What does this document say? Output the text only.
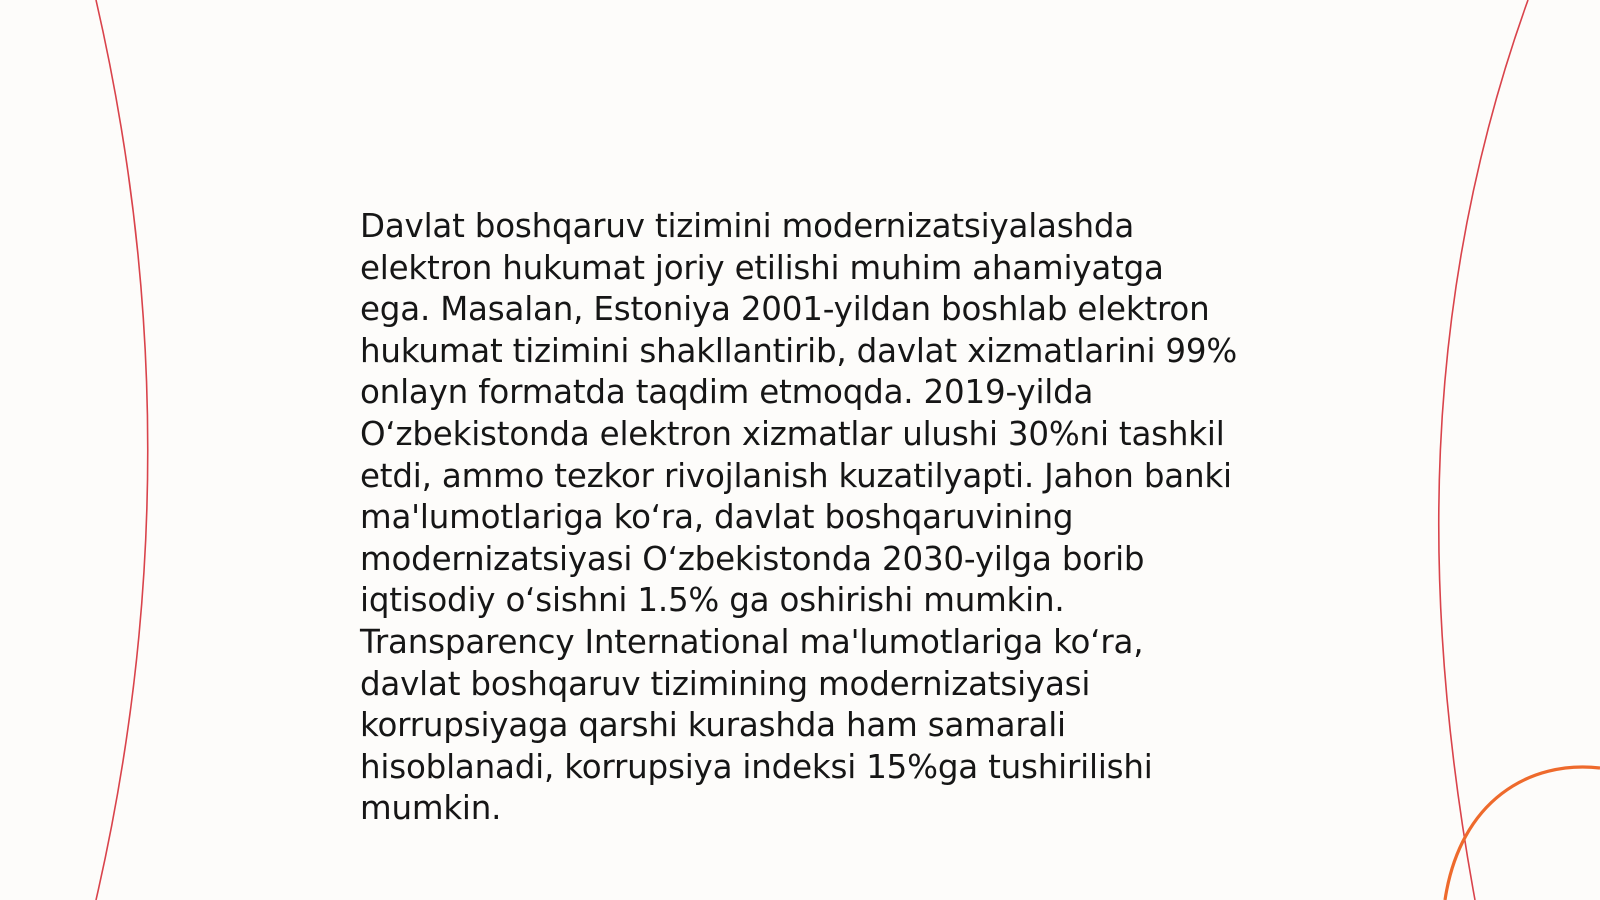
Davlat boshqaruv tizimini modernizatsiyalashda
elektron hukumat joriy etilishi muhim ahamiyatga
ega. Masalan, Estoniya 2001-yildan boshlab elektron
hukumat tizimini shakllantirib, davlat xizmatlarini 99%
onlayn formatda taqdim etmoqda. 2019-yilda
O‘zbekistonda elektron xizmatlar ulushi 30%ni tashkil
etdi, ammo tezkor rivojlanish kuzatilyapti. Jahon banki
ma'lumotlariga ko‘ra, davlat boshqaruvining
modernizatsiyasi O‘zbekistonda 2030-yilga borib
iqtisodiy o‘sishni 1.5% ga oshirishi mumkin.
Transparency International ma'lumotlariga ko‘ra,
davlat boshqaruv tizimining modernizatsiyasi
korrupsiyaga qarshi kurashda ham samarali
hisoblanadi, korrupsiya indeksi 15%ga tushirilishi
mumkin.
